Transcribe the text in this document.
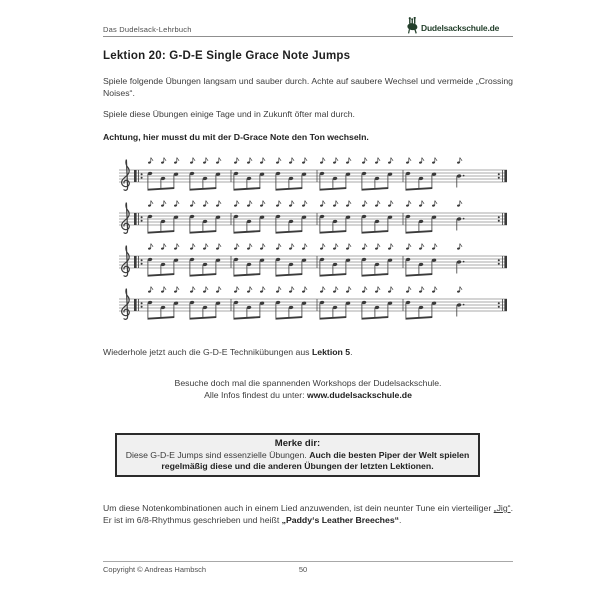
Das Dudelsack-Lehrbuch	Dudelsackschule.de
Lektion 20: G-D-E Single Grace Note Jumps
Spiele folgende Übungen langsam und sauber durch. Achte auf saubere Wechsel und vermeide „Crossing Noises“.
Spiele diese Übungen einige Tage und in Zukunft öfter mal durch.
Achtung, hier musst du mit der D-Grace Note den Ton wechseln.
Wiederhole jetzt auch die G-D-E Technikübungen aus Lektion 5.
Besuche doch mal die spannenden Workshops der Dudelsackschule.
Alle Infos findest du unter: www.dudelsackschule.de
Merke dir:
Diese G-D-E Jumps sind essenzielle Übungen. Auch die besten Piper der Welt spielen regelmäßig diese und die anderen Übungen der letzten Lektionen.
Um diese Notenkombinationen auch in einem Lied anzuwenden, ist dein neunter Tune ein vierteiliger „Jig“. Er ist im 6/8-Rhythmus geschrieben und heißt „Paddy‘s Leather Breeches“.
Copyright © Andreas Hambsch	50
